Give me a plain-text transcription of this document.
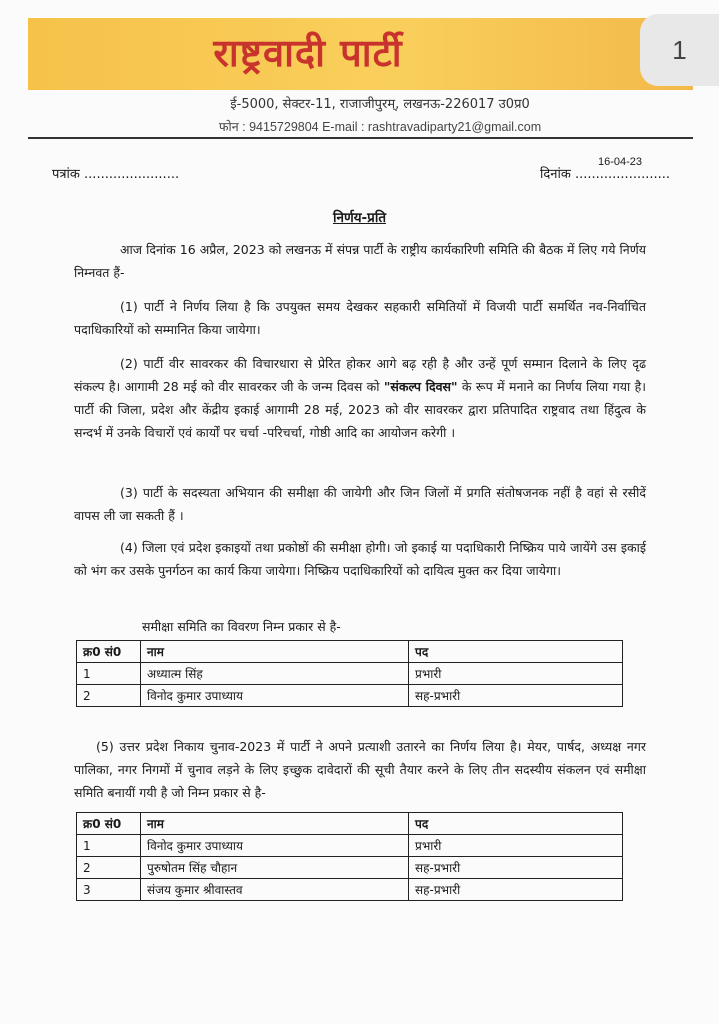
राष्ट्रवादी पार्टी	1
ई-5000, सेक्टर-11, राजाजीपुरम्, लखनऊ-226017 उ0प्र0
फोन : 9415729804 E-mail : rashtravadiparty21@gmail.com
पत्रांक .......................	दिनांक .......................
16-04-23
निर्णय-प्रति
आज दिनांक 16 अप्रैल, 2023 को लखनऊ में संपन्न पार्टी के राष्ट्रीय कार्यकारिणी समिति की बैठक में लिए गये निर्णय निम्नवत हैं-
(1) पार्टी ने निर्णय लिया है कि उपयुक्त समय देखकर सहकारी समितियों में विजयी पार्टी समर्थित नव-निर्वाचित पदाधिकारियों को सम्मानित किया जायेगा।
(2) पार्टी वीर सावरकर की विचारधारा से प्रेरित होकर आगे बढ़ रही है और उन्हें पूर्ण सम्मान दिलाने के लिए दृढ संकल्प है। आगामी 28 मई को वीर सावरकर जी के जन्म दिवस को "संकल्प दिवस" के रूप में मनाने का निर्णय लिया गया है। पार्टी की जिला, प्रदेश और केंद्रीय इकाई आगामी 28 मई, 2023 को वीर सावरकर द्वारा प्रतिपादित राष्ट्रवाद तथा हिंदुत्व के सन्दर्भ में उनके विचारों एवं कार्यों पर चर्चा -परिचर्चा, गोष्ठी आदि का आयोजन करेगी ।
(3) पार्टी के सदस्यता अभियान की समीक्षा की जायेगी और जिन जिलों में प्रगति संतोषजनक नहीं है वहां से रसीदें वापस ली जा सकती हैं ।
(4) जिला एवं प्रदेश इकाइयों तथा प्रकोष्ठों की समीक्षा होगी। जो इकाई या पदाधिकारी निष्क्रिय पाये जायेंगे उस इकाई को भंग कर उसके पुनर्गठन का कार्य किया जायेगा। निष्क्रिय पदाधिकारियों को दायित्व मुक्त कर दिया जायेगा।
समीक्षा समिति का विवरण निम्न प्रकार से है-
क्र0 सं0	नाम	पद
1	अध्यात्म सिंह	प्रभारी
2	विनोद कुमार उपाध्याय	सह-प्रभारी
(5) उत्तर प्रदेश निकाय चुनाव-2023 में पार्टी ने अपने प्रत्याशी उतारने का निर्णय लिया है। मेयर, पार्षद, अध्यक्ष नगर पालिका, नगर निगमों में चुनाव लड़ने के लिए इच्छुक दावेदारों की सूची तैयार करने के लिए तीन सदस्यीय संकलन एवं समीक्षा समिति बनायीं गयी है जो निम्न प्रकार से है-
क्र0 सं0	नाम	पद
1	विनोद कुमार उपाध्याय	प्रभारी
2	पुरुषोतम सिंह चौहान	सह-प्रभारी
3	संजय कुमार श्रीवास्तव	सह-प्रभारी
